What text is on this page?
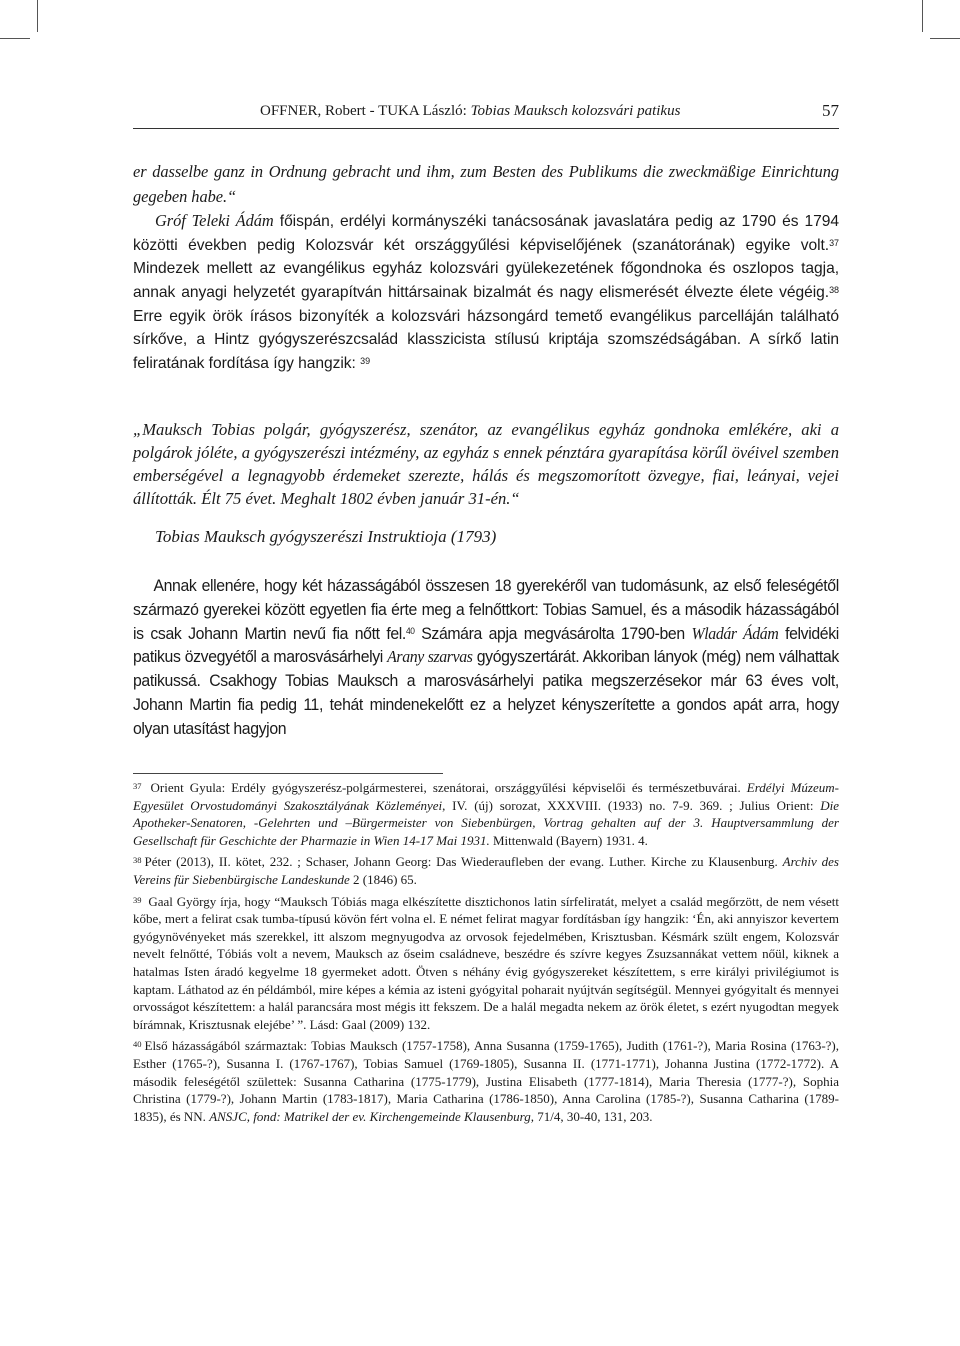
OFFNER, Robert - TUKA László: Tobias Mauksch kolozsvári patikus	57

er dasselbe ganz in Ordnung gebracht und ihm, zum Besten des Publikums die zweckmäßige Einrichtung gegeben habe.“

Gróf Teleki Ádám főispán, erdélyi kormányszéki tanácsosának javaslatára pedig az 1790 és 1794 közötti években pedig Kolozsvár két országgyűlési képviselőjének (szanátorának) egyike volt.$^{37}$ Mindezek mellett az evangélikus egyház kolozsvári gyülekezetének főgondnoka és oszlopos tagja, annak anyagi helyzetét gyarapítván hittársainak bizalmát és nagy elismerését élvezte élete végéig.$^{38}$ Erre egyik örök írásos bizonyíték a kolozsvári házsongárd temető evangélikus parcelláján található sírkőve, a Hintz gyógyszerészcsalád klasszicista stílusú kriptája szomszédságában. A sírkő latin feliratának fordítása így hangzik: $^{39}$

„Mauksch Tobias polgár, gyógyszerész, szenátor, az evangélikus egyház gondnoka emlékére, aki a polgárok jóléte, a gyógyszerészi intézmény, az egyház s ennek pénztára gyarapítása körűl övéivel szemben emberségével a legnagyobb érdemeket szerezte, hálás és megszomorított özvegye, fiai, leányai, vejei állították. Élt 75 évet. Meghalt 1802 évben január 31-én.“

Tobias Mauksch gyógyszerészi Instruktioja (1793)

Annak ellenére, hogy két házasságából összesen 18 gyerekéről van tudomásunk, az első feleségétől származó gyerekei között egyetlen fia érte meg a felnőttkort: Tobias Samuel, és a második házasságából is csak Johann Martin nevű fia nőtt fel.$^{40}$ Számára apja megvásárolta 1790-ben Wladár Ádám felvidéki patikus özvegyétől a marosvásárhelyi Arany szarvas gyógyszertárát. Akkoriban lányok (még) nem válhattak patikussá. Csakhogy Tobias Mauksch a marosvásárhelyi patika megszerzésekor már 63 éves volt, Johann Martin fia pedig 11, tehát mindenekelőtt ez a helyzet kényszerítette a gondos apát arra, hogy olyan utasítást hagyjon

$^{37}$ Orient Gyula: Erdély gyógyszerész-polgármesterei, szenátorai, országgyűlési képviselői és természetbuvárai. Erdélyi Múzeum-Egyesület Orvostudományi Szakosztályának Közleményei, IV. (új) sorozat, XXXVIII. (1933) no. 7-9. 369. ; Julius Orient: Die Apotheker-Senatoren, -Gelehrten und –Bürgermeister von Siebenbürgen, Vortrag gehalten auf der 3. Hauptversammlung der Gesellschaft für Geschichte der Pharmazie in Wien 14-17 Mai 1931. Mittenwald (Bayern) 1931. 4.

$^{38}$ Péter (2013), II. kötet, 232. ; Schaser, Johann Georg: Das Wiederaufleben der evang. Luther. Kirche zu Klausenburg. Archiv des Vereins für Siebenbürgische Landeskunde 2 (1846) 65.

$^{39}$ Gaal György írja, hogy “Mauksch Tóbiás maga elkészítette disztichonos latin sírfeliratát, melyet a család megőrzött, de nem vésett kőbe, mert a felirat csak tumba-típusú kövön fért volna el. E német felirat magyar fordításban így hangzik: ‘Én, aki annyiszor kevertem gyógynövényeket más szerekkel, itt alszom megnyugodva az orvosok fejedelmében, Krisztusban. Késmárk szült engem, Kolozsvár nevelt felnőtté, Tóbiás volt a nevem, Mauksch az őseim családneve, beszédre és szívre kegyes Zsuzsannákat vettem nőül, kiknek a hatalmas Isten áradó kegyelme 18 gyermeket adott. Ötven s néhány évig gyógyszereket készítettem, s erre királyi privilégiumot is kaptam. Láthatod az én példámból, mire képes a kémia az isteni gyógyital poharait nyújtván segítségül. Mennyei gyógyitalt és mennyei orvosságot készítettem: a halál parancsára most mégis itt fekszem. De a halál megadta nekem az örök életet, s ezért nyugodtan megyek bírámnak, Krisztusnak elejébe’ ”. Lásd: Gaal (2009) 132.

$^{40}$ Első házasságából származtak: Tobias Mauksch (1757-1758), Anna Susanna (1759-1765), Judith (1761-?), Maria Rosina (1763-?), Esther (1765-?), Susanna I. (1767-1767), Tobias Samuel (1769-1805), Susanna II. (1771-1771), Johanna Justina (1772-1772). A második feleségétől születtek: Susanna Catharina (1775-1779), Justina Elisabeth (1777-1814), Maria Theresia (1777-?), Sophia Christina (1779-?), Johann Martin (1783-1817), Maria Catharina (1786-1850), Anna Carolina (1785-?), Susanna Catharina (1789-1835), és NN. ANSJC, fond: Matrikel der ev. Kirchengemeinde Klausenburg, 71/4, 30-40, 131, 203.
